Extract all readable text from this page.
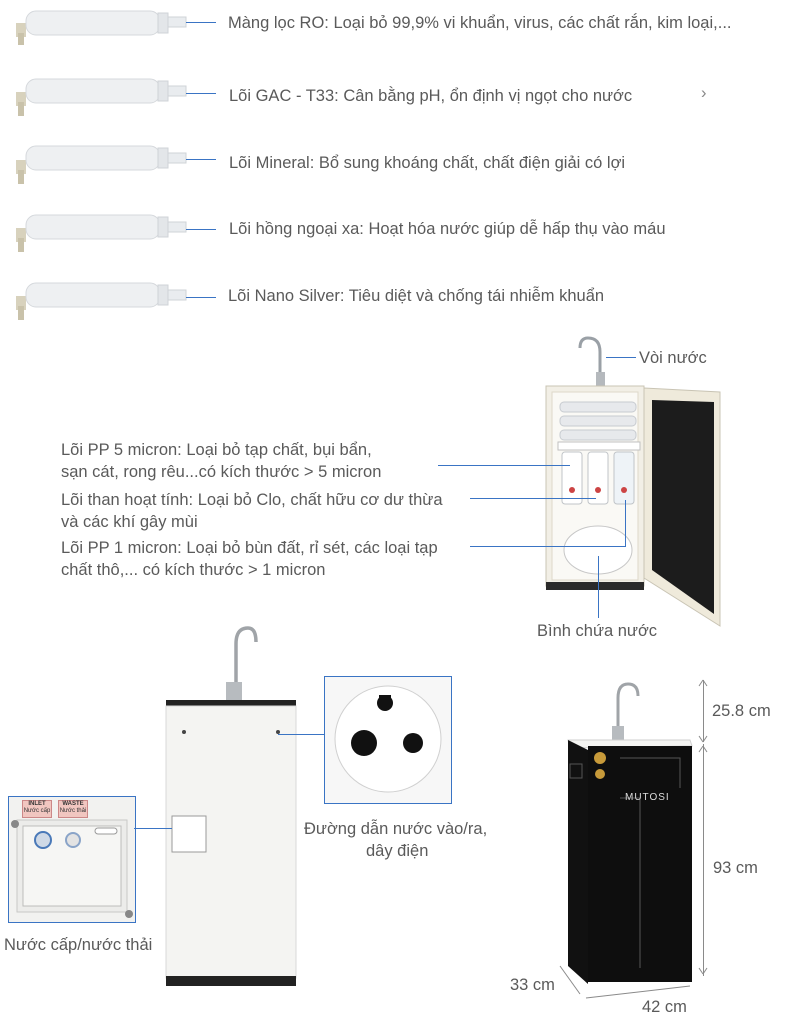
Màng lọc RO: Loại bỏ 99,9% vi khuẩn, virus, các chất rắn, kim loại,...
Lõi GAC - T33: Cân bằng pH, ổn định vị ngọt cho nước	›
Lõi Mineral: Bổ sung khoáng chất, chất điện giải có lợi
Lõi hồng ngoại xa: Hoạt hóa nước giúp dễ hấp thụ vào máu
Lõi Nano Silver: Tiêu diệt và chống tái nhiễm khuẩn
Vòi nước
Lõi PP 5 micron: Loại bỏ tạp chất, bụi bẩn,
sạn cát, rong rêu...có kích thước > 5 micron
Lõi than hoạt tính: Loại bỏ Clo, chất hữu cơ dư thừa
và các khí gây mùi
Lõi PP 1 micron: Loại bỏ bùn đất, rỉ sét, các loại tạp
chất thô,... có kích thước > 1 micron
Bình chứa nước
Đường dẫn nước vào/ra,
dây điện
INLET
Nước cấp
WASTE
Nước thải
Nước cấp/nước thải
MUTOSI
25.8 cm
93 cm
33 cm
42 cm
